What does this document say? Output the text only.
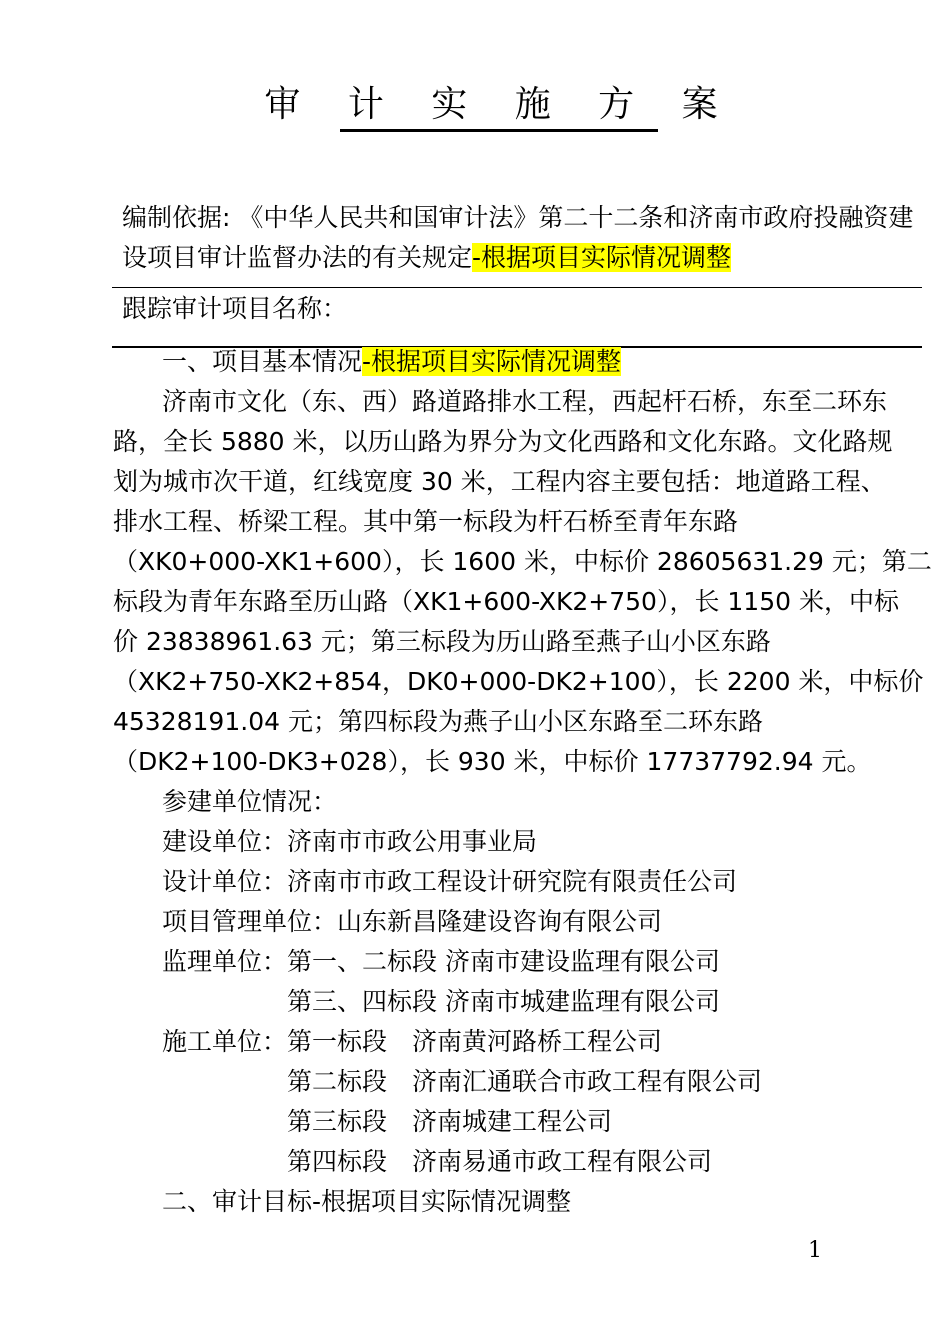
审 计 实 施 方 案
编制依据: 《中华人民共和国审计法》第二十二条和济南市政府投融资建
设项目审计监督办法的有关规定-根据项目实际情况调整
跟踪审计项目名称：
一、项目基本情况-根据项目实际情况调整
济南市文化（东、西）路道路排水工程，西起杆石桥，东至二环东
路，全长 5880 米，以历山路为界分为文化西路和文化东路。文化路规
划为城市次干道，红线宽度 30 米，工程内容主要包括：地道路工程、
排水工程、桥梁工程。其中第一标段为杆石桥至青年东路
（XK0+000-XK1+600），长 1600 米，中标价 28605631.29 元；第二
标段为青年东路至历山路（XK1+600-XK2+750），长 1150 米，中标
价 23838961.63 元；第三标段为历山路至燕子山小区东路
（XK2+750-XK2+854，DK0+000-DK2+100），长 2200 米，中标价
45328191.04 元；第四标段为燕子山小区东路至二环东路
（DK2+100-DK3+028），长 930 米，中标价 17737792.94 元。
参建单位情况：
建设单位：济南市市政公用事业局
设计单位：济南市市政工程设计研究院有限责任公司
项目管理单位：山东新昌隆建设咨询有限公司
监理单位： 第一、二标段 济南市建设监理有限公司
第三、四标段 济南市城建监理有限公司
施工单位： 第一标段 济南黄河路桥工程公司
第二标段 济南汇通联合市政工程有限公司
第三标段 济南城建工程公司
第四标段 济南易通市政工程有限公司
二、审计目标-根据项目实际情况调整
1
